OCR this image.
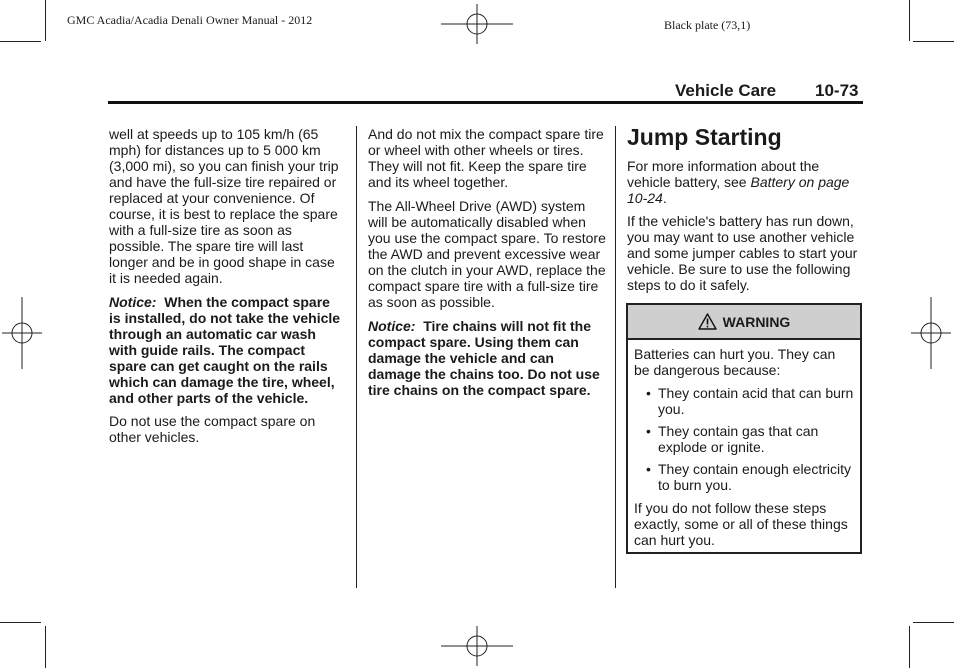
GMC Acadia/Acadia Denali Owner Manual - 2012	Black plate (73,1)
Vehicle Care 10-73

well at speeds up to 105 km/h (65 mph) for distances up to 5 000 km (3,000 mi), so you can finish your trip and have the full-size tire repaired or replaced at your convenience. Of course, it is best to replace the spare with a full-size tire as soon as possible. The spare tire will last longer and be in good shape in case it is needed again.

Notice: When the compact spare is installed, do not take the vehicle through an automatic car wash with guide rails. The compact spare can get caught on the rails which can damage the tire, wheel, and other parts of the vehicle.

Do not use the compact spare on other vehicles.

And do not mix the compact spare tire or wheel with other wheels or tires. They will not fit. Keep the spare tire and its wheel together.

The All-Wheel Drive (AWD) system will be automatically disabled when you use the compact spare. To restore the AWD and prevent excessive wear on the clutch in your AWD, replace the compact spare tire with a full-size tire as soon as possible.

Notice: Tire chains will not fit the compact spare. Using them can damage the vehicle and can damage the chains too. Do not use tire chains on the compact spare.

Jump Starting

For more information about the vehicle battery, see Battery on page 10-24.

If the vehicle's battery has run down, you may want to use another vehicle and some jumper cables to start your vehicle. Be sure to use the following steps to do it safely.

WARNING

Batteries can hurt you. They can be dangerous because:

• They contain acid that can burn you.
• They contain gas that can explode or ignite.
• They contain enough electricity to burn you.

If you do not follow these steps exactly, some or all of these things can hurt you.
